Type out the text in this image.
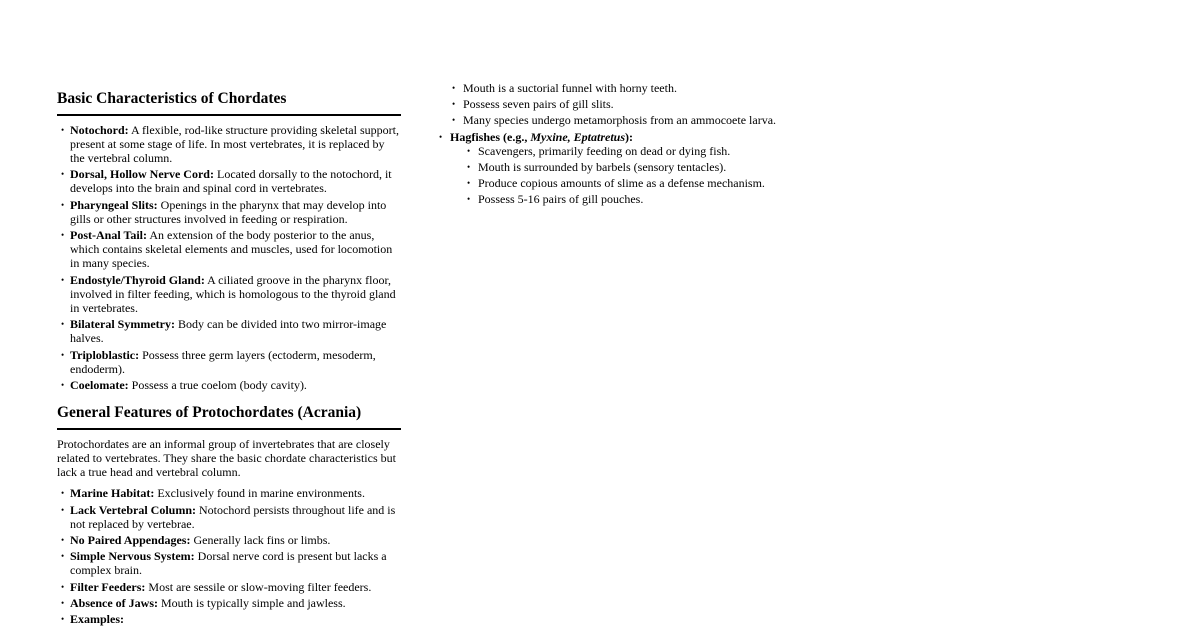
Basic Characteristics of Chordates
• Notochord: A flexible, rod-like structure providing skeletal support, present at some stage of life. In most vertebrates, it is replaced by the vertebral column.
• Dorsal, Hollow Nerve Cord: Located dorsally to the notochord, it develops into the brain and spinal cord in vertebrates.
• Pharyngeal Slits: Openings in the pharynx that may develop into gills or other structures involved in feeding or respiration.
• Post-Anal Tail: An extension of the body posterior to the anus, which contains skeletal elements and muscles, used for locomotion in many species.
• Endostyle/Thyroid Gland: A ciliated groove in the pharynx floor, involved in filter feeding, which is homologous to the thyroid gland in vertebrates.
• Bilateral Symmetry: Body can be divided into two mirror-image halves.
• Triploblastic: Possess three germ layers (ectoderm, mesoderm, endoderm).
• Coelomate: Possess a true coelom (body cavity).
General Features of Protochordates (Acrania)

Protochordates are an informal group of invertebrates that are closely related to vertebrates. They share the basic chordate characteristics but lack a true head and vertebral column.

• Marine Habitat: Exclusively found in marine environments.
• Lack Vertebral Column: Notochord persists throughout life and is not replaced by vertebrae.
• No Paired Appendages: Generally lack fins or limbs.
• Simple Nervous System: Dorsal nerve cord is present but lacks a complex brain.
• Filter Feeders: Most are sessile or slow-moving filter feeders.
• Absence of Jaws: Mouth is typically simple and jawless.
• Examples:
• Mouth is a suctorial funnel with horny teeth.
• Possess seven pairs of gill slits.
• Many species undergo metamorphosis from an ammocoete larva.
• Hagfishes (e.g., Myxine, Eptatretus):
• Scavengers, primarily feeding on dead or dying fish.
• Mouth is surrounded by barbels (sensory tentacles).
• Produce copious amounts of slime as a defense mechanism.
• Possess 5-16 pairs of gill pouches.
